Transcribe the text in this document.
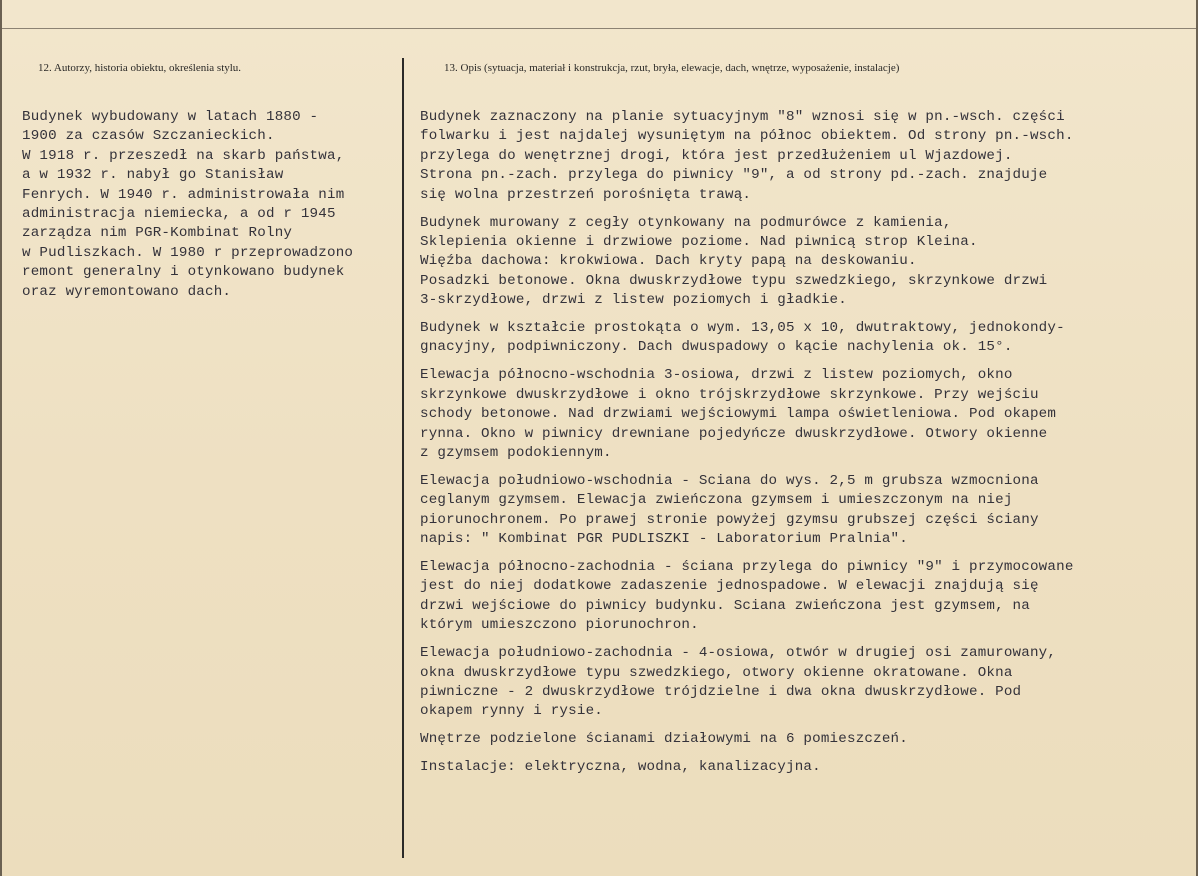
12. Autorzy, historia obiektu, określenia stylu.	13. Opis (sytuacja, materiał i konstrukcja, rzut, bryła, elewacje, dach, wnętrze, wyposażenie, instalacje)
Budynek wybudowany w latach 1880 -
1900 za czasów Szczanieckich.
W 1918 r. przeszedł na skarb państwa,
a w 1932 r. nabył go Stanisław
Fenrych. W 1940 r. administrowała nim
administracja niemiecka, a od r 1945
zarządza nim PGR-Kombinat Rolny
w Pudliszkach. W 1980 r przeprowadzono
remont generalny i otynkowano budynek
oraz wyremontowano dach.
Budynek zaznaczony na planie sytuacyjnym "8" wznosi się w pn.-wsch. części
folwarku i jest najdalej wysuniętym na północ obiektem. Od strony pn.-wsch.
przylega do wenętrznej drogi, która jest przedłużeniem ul Wjazdowej.
Strona pn.-zach. przylega do piwnicy "9", a od strony pd.-zach. znajduje
się wolna przestrzeń porośnięta trawą.
Budynek murowany z cegły otynkowany na podmurówce z kamienia,
Sklepienia okienne i drzwiowe poziome. Nad piwnicą strop Kleina.
Więźba dachowa: krokwiowa. Dach kryty papą na deskowaniu.
Posadzki betonowe. Okna dwuskrzydłowe typu szwedzkiego, skrzynkowe drzwi
3-skrzydłowe, drzwi z listew poziomych i gładkie.
Budynek w kształcie prostokąta o wym. 13,05 x 10, dwutraktowy, jednokondy-
gnacyjny, podpiwniczony. Dach dwuspadowy o kącie nachylenia ok. 15°.
Elewacja północno-wschodnia 3-osiowa, drzwi z listew poziomych, okno
skrzynkowe dwuskrzydłowe i okno trójskrzydłowe skrzynkowe. Przy wejściu
schody betonowe. Nad drzwiami wejściowymi lampa oświetleniowa. Pod okapem
rynna. Okno w piwnicy drewniane pojedyńcze dwuskrzydłowe. Otwory okienne
z gzymsem podokiennym.
Elewacja południowo-wschodnia - Sciana do wys. 2,5 m grubsza wzmocniona
ceglanym gzymsem. Elewacja zwieńczona gzymsem i umieszczonym na niej
piorunochronem. Po prawej stronie powyżej gzymsu grubszej części ściany
napis: " Kombinat PGR PUDLISZKI - Laboratorium Pralnia".
Elewacja północno-zachodnia - ściana przylega do piwnicy "9" i przymocowane
jest do niej dodatkowe zadaszenie jednospadowe. W elewacji znajdują się
drzwi wejściowe do piwnicy budynku. Sciana zwieńczona jest gzymsem, na
którym umieszczono piorunochron.
Elewacja południowo-zachodnia - 4-osiowa, otwór w drugiej osi zamurowany,
okna dwuskrzydłowe typu szwedzkiego, otwory okienne okratowane. Okna
piwniczne - 2 dwuskrzydłowe trójdzielne i dwa okna dwuskrzydłowe. Pod
okapem rynny i rysie.
Wnętrze podzielone ścianami działowymi na 6 pomieszczeń.
Instalacje: elektryczna, wodna, kanalizacyjna.
